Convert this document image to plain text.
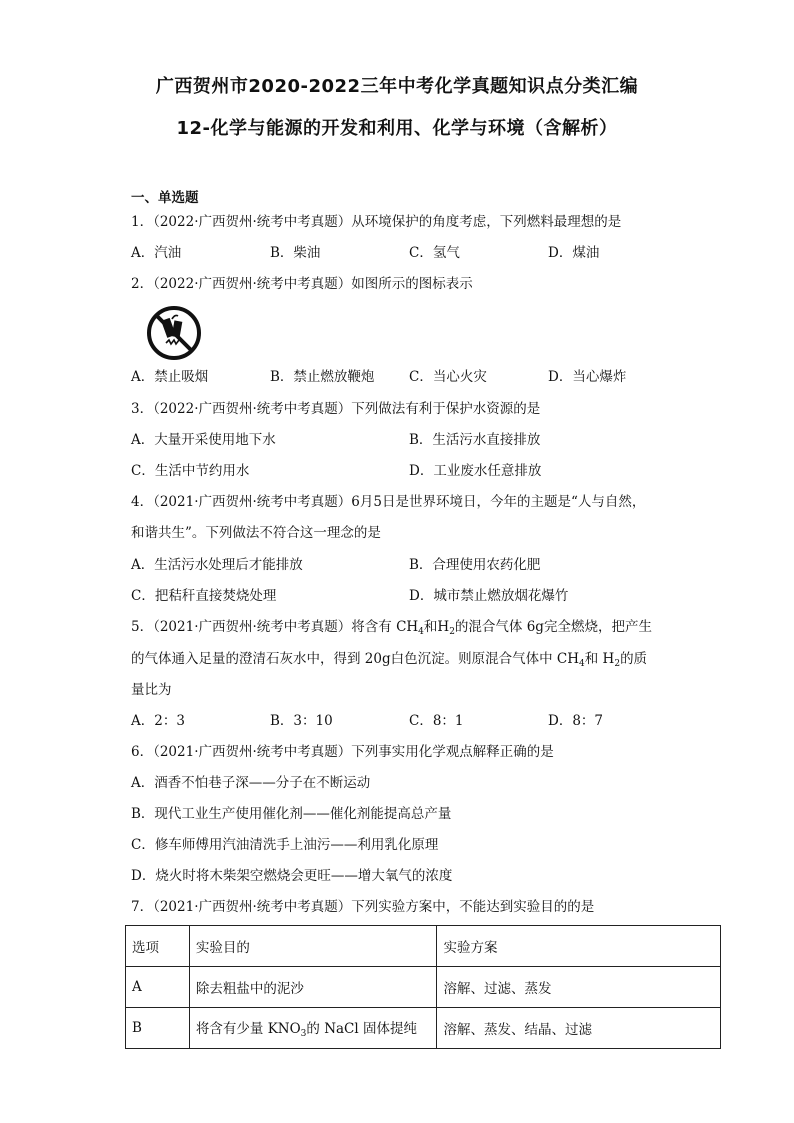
广西贺州市2020-2022三年中考化学真题知识点分类汇编
12-化学与能源的开发和利用、化学与环境（含解析）
一、单选题
1．（2022·广西贺州·统考中考真题）从环境保护的角度考虑，下列燃料最理想的是
A．汽油	B．柴油	C．氢气	D．煤油
2．（2022·广西贺州·统考中考真题）如图所示的图标表示
A．禁止吸烟	B．禁止燃放鞭炮	C．当心火灾	D．当心爆炸
3．（2022·广西贺州·统考中考真题）下列做法有利于保护水资源的是
A．大量开采使用地下水	B．生活污水直接排放
C．生活中节约用水	D．工业废水任意排放
4．（2021·广西贺州·统考中考真题）6月5日是世界环境日，今年的主题是“人与自然，
和谐共生”。下列做法不符合这一理念的是
A．生活污水处理后才能排放	B．合理使用农药化肥
C．把秸秆直接焚烧处理	D．城市禁止燃放烟花爆竹
5．（2021·广西贺州·统考中考真题）将含有 $CH_4$和$H_2$的混合气体 6g完全燃烧，把产生
的气体通入足量的澄清石灰水中，得到 20g白色沉淀。则原混合气体中 $CH_4$和 $H_2$的质
量比为
A．2：3	B．3：10	C．8：1	D．8：7
6．（2021·广西贺州·统考中考真题）下列事实用化学观点解释正确的是
A．酒香不怕巷子深——分子在不断运动
B．现代工业生产使用催化剂——催化剂能提高总产量
C．修车师傅用汽油清洗手上油污——利用乳化原理
D．烧火时将木柴架空燃烧会更旺——增大氧气的浓度
7．（2021·广西贺州·统考中考真题）下列实验方案中，不能达到实验目的的是
选项	实验目的	实验方案
A	除去粗盐中的泥沙	溶解、过滤、蒸发
B	将含有少量 $KNO_3$的 NaCl 固体提纯	溶解、蒸发、结晶、过滤
